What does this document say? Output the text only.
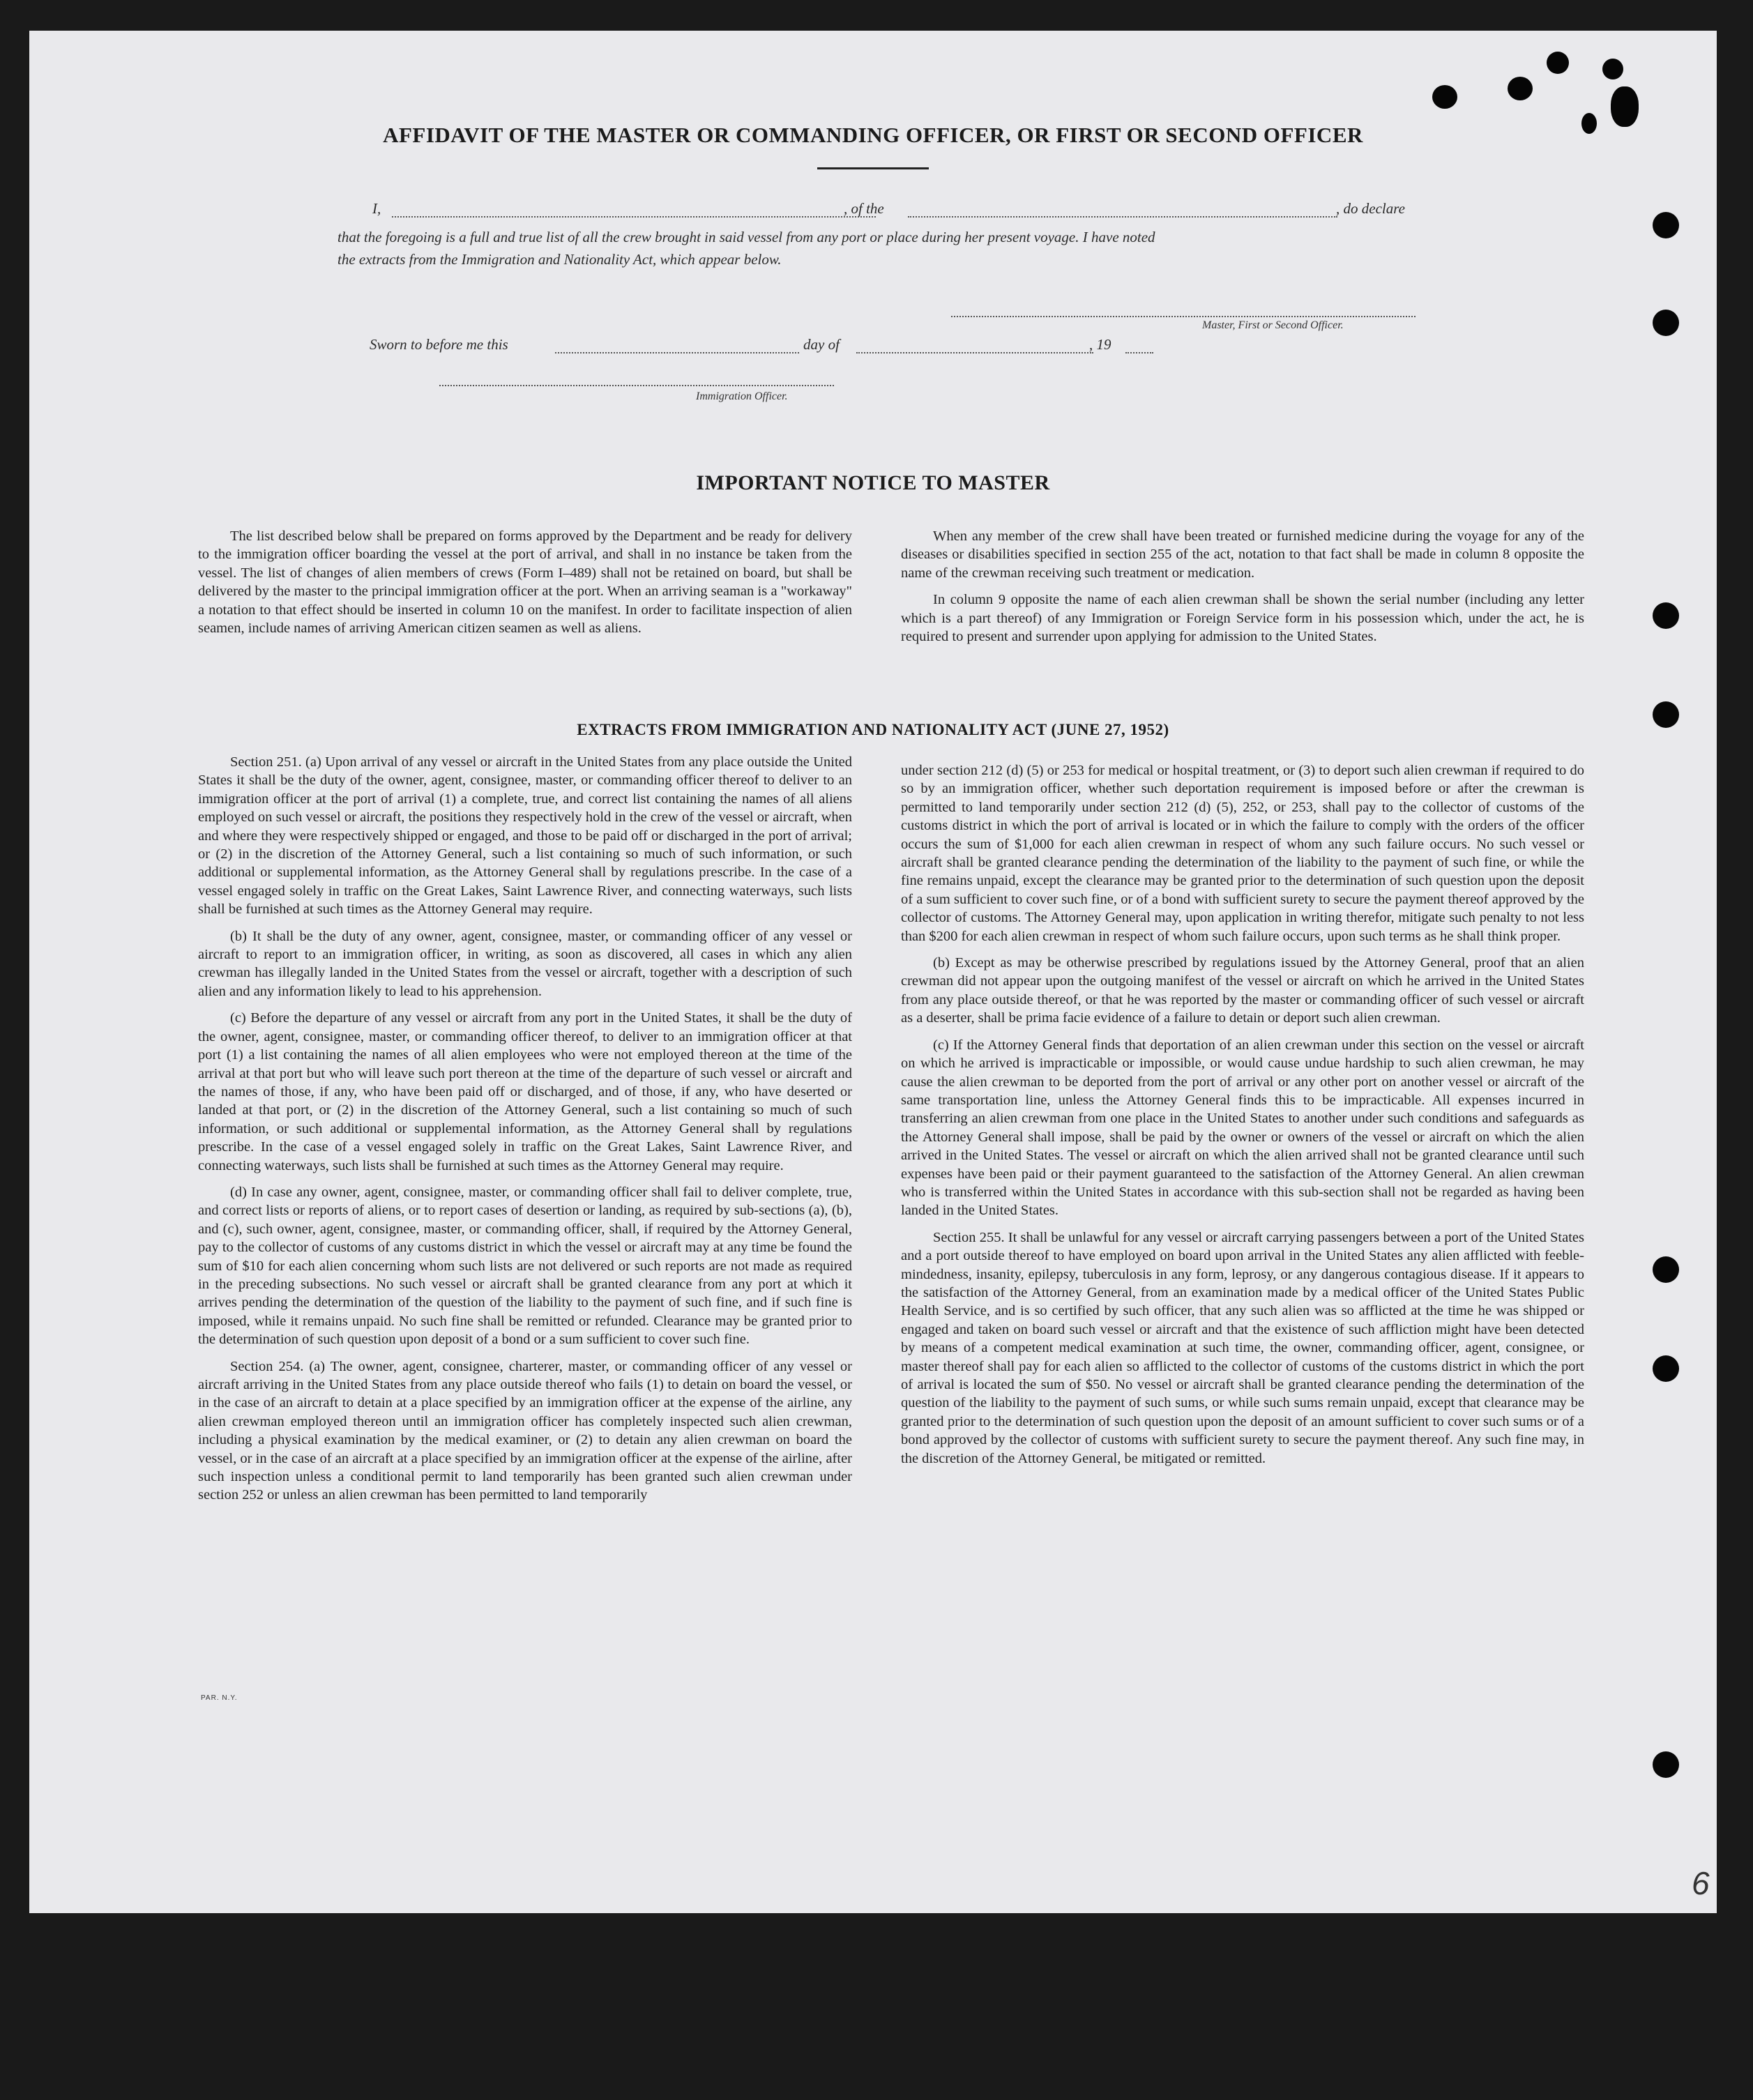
AFFIDAVIT OF THE MASTER OR COMMANDING OFFICER, OR FIRST OR SECOND OFFICER
I,	, of the	, do declare
that the foregoing is a full and true list of all the crew brought in said vessel from any port or place during her present voyage. I have noted
the extracts from the Immigration and Nationality Act, which appear below.
Master, First or Second Officer.
Sworn to before me this	day of	, 19
Immigration Officer.
IMPORTANT NOTICE TO MASTER

The list described below shall be prepared on forms approved by the Department and be ready for delivery to the immigration officer boarding the vessel at the port of arrival, and shall in no instance be taken from the vessel. The list of changes of alien members of crews (Form I–489) shall not be retained on board, but shall be delivered by the master to the principal immigration officer at the port. When an arriving seaman is a "workaway" a notation to that effect should be inserted in column 10 on the manifest. In order to facilitate inspection of alien seamen, include names of arriving American citizen seamen as well as aliens.

When any member of the crew shall have been treated or furnished medicine during the voyage for any of the diseases or disabilities specified in section 255 of the act, notation to that fact shall be made in column 8 opposite the name of the crewman receiving such treatment or medication.

In column 9 opposite the name of each alien crewman shall be shown the serial number (including any letter which is a part thereof) of any Immigration or Foreign Service form in his possession which, under the act, he is required to present and surrender upon applying for admission to the United States.

EXTRACTS FROM IMMIGRATION AND NATIONALITY ACT (JUNE 27, 1952)

Section 251. (a) Upon arrival of any vessel or aircraft in the United States from any place outside the United States it shall be the duty of the owner, agent, consignee, master, or commanding officer thereof to deliver to an immigration officer at the port of arrival (1) a complete, true, and correct list containing the names of all aliens employed on such vessel or aircraft, the positions they respectively hold in the crew of the vessel or aircraft, when and where they were respectively shipped or engaged, and those to be paid off or discharged in the port of arrival; or (2) in the discretion of the Attorney General, such a list containing so much of such information, or such additional or supplemental information, as the Attorney General shall by regulations prescribe. In the case of a vessel engaged solely in traffic on the Great Lakes, Saint Lawrence River, and connecting waterways, such lists shall be furnished at such times as the Attorney General may require.

(b) It shall be the duty of any owner, agent, consignee, master, or commanding officer of any vessel or aircraft to report to an immigration officer, in writing, as soon as discovered, all cases in which any alien crewman has illegally landed in the United States from the vessel or aircraft, together with a description of such alien and any information likely to lead to his apprehension.

(c) Before the departure of any vessel or aircraft from any port in the United States, it shall be the duty of the owner, agent, consignee, master, or commanding officer thereof, to deliver to an immigration officer at that port (1) a list containing the names of all alien employees who were not employed thereon at the time of the arrival at that port but who will leave such port thereon at the time of the departure of such vessel or aircraft and the names of those, if any, who have been paid off or discharged, and of those, if any, who have deserted or landed at that port, or (2) in the discretion of the Attorney General, such a list containing so much of such information, or such additional or supplemental information, as the Attorney General shall by regulations prescribe. In the case of a vessel engaged solely in traffic on the Great Lakes, Saint Lawrence River, and connecting waterways, such lists shall be furnished at such times as the Attorney General may require.

(d) In case any owner, agent, consignee, master, or commanding officer shall fail to deliver complete, true, and correct lists or reports of aliens, or to report cases of desertion or landing, as required by sub-sections (a), (b), and (c), such owner, agent, consignee, master, or commanding officer, shall, if required by the Attorney General, pay to the collector of customs of any customs district in which the vessel or aircraft may at any time be found the sum of $10 for each alien concerning whom such lists are not delivered or such reports are not made as required in the preceding subsections. No such vessel or aircraft shall be granted clearance from any port at which it arrives pending the determination of the question of the liability to the payment of such fine, and if such fine is imposed, while it remains unpaid. No such fine shall be remitted or refunded. Clearance may be granted prior to the determination of such question upon deposit of a bond or a sum sufficient to cover such fine.

Section 254. (a) The owner, agent, consignee, charterer, master, or commanding officer of any vessel or aircraft arriving in the United States from any place outside thereof who fails (1) to detain on board the vessel, or in the case of an aircraft to detain at a place specified by an immigration officer at the expense of the airline, any alien crewman employed thereon until an immigration officer has completely inspected such alien crewman, including a physical examination by the medical examiner, or (2) to detain any alien crewman on board the vessel, or in the case of an aircraft at a place specified by an immigration officer at the expense of the airline, after such inspection unless a conditional permit to land temporarily has been granted such alien crewman under section 252 or unless an alien crewman has been permitted to land temporarily

under section 212 (d) (5) or 253 for medical or hospital treatment, or (3) to deport such alien crewman if required to do so by an immigration officer, whether such deportation requirement is imposed before or after the crewman is permitted to land temporarily under section 212 (d) (5), 252, or 253, shall pay to the collector of customs of the customs district in which the port of arrival is located or in which the failure to comply with the orders of the officer occurs the sum of $1,000 for each alien crewman in respect of whom any such failure occurs. No such vessel or aircraft shall be granted clearance pending the determination of the liability to the payment of such fine, or while the fine remains unpaid, except the clearance may be granted prior to the determination of such question upon the deposit of a sum sufficient to cover such fine, or of a bond with sufficient surety to secure the payment thereof approved by the collector of customs. The Attorney General may, upon application in writing therefor, mitigate such penalty to not less than $200 for each alien crewman in respect of whom such failure occurs, upon such terms as he shall think proper.

(b) Except as may be otherwise prescribed by regulations issued by the Attorney General, proof that an alien crewman did not appear upon the outgoing manifest of the vessel or aircraft on which he arrived in the United States from any place outside thereof, or that he was reported by the master or commanding officer of such vessel or aircraft as a deserter, shall be prima facie evidence of a failure to detain or deport such alien crewman.

(c) If the Attorney General finds that deportation of an alien crewman under this section on the vessel or aircraft on which he arrived is impracticable or impossible, or would cause undue hardship to such alien crewman, he may cause the alien crewman to be deported from the port of arrival or any other port on another vessel or aircraft of the same transportation line, unless the Attorney General finds this to be impracticable. All expenses incurred in transferring an alien crewman from one place in the United States to another under such conditions and safeguards as the Attorney General shall impose, shall be paid by the owner or owners of the vessel or aircraft on which the alien arrived in the United States. The vessel or aircraft on which the alien arrived shall not be granted clearance until such expenses have been paid or their payment guaranteed to the satisfaction of the Attorney General. An alien crewman who is transferred within the United States in accordance with this sub-section shall not be regarded as having been landed in the United States.

Section 255. It shall be unlawful for any vessel or aircraft carrying passengers between a port of the United States and a port outside thereof to have employed on board upon arrival in the United States any alien afflicted with feeble-mindedness, insanity, epilepsy, tuberculosis in any form, leprosy, or any dangerous contagious disease. If it appears to the satisfaction of the Attorney General, from an examination made by a medical officer of the United States Public Health Service, and is so certified by such officer, that any such alien was so afflicted at the time he was shipped or engaged and taken on board such vessel or aircraft and that the existence of such affliction might have been detected by means of a competent medical examination at such time, the owner, commanding officer, agent, consignee, or master thereof shall pay for each alien so afflicted to the collector of customs of the customs district in which the port of arrival is located the sum of $50. No vessel or aircraft shall be granted clearance pending the determination of the question of the liability to the payment of such sums, or while such sums remain unpaid, except that clearance may be granted prior to the determination of such question upon the deposit of an amount sufficient to cover such sums or of a bond approved by the collector of customs with sufficient surety to secure the payment thereof. Any such fine may, in the discretion of the Attorney General, be mitigated or remitted.

PAR. N.Y.
6
